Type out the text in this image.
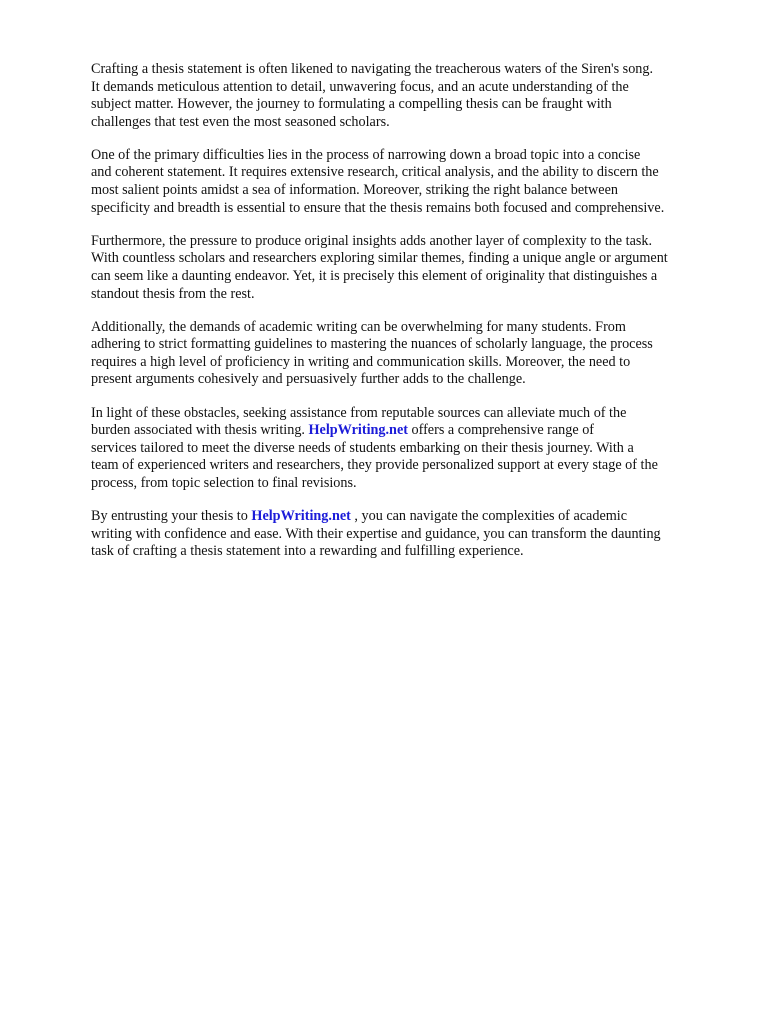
Crafting a thesis statement is often likened to navigating the treacherous waters of the Siren's song.
It demands meticulous attention to detail, unwavering focus, and an acute understanding of the
subject matter. However, the journey to formulating a compelling thesis can be fraught with
challenges that test even the most seasoned scholars.

One of the primary difficulties lies in the process of narrowing down a broad topic into a concise
and coherent statement. It requires extensive research, critical analysis, and the ability to discern the
most salient points amidst a sea of information. Moreover, striking the right balance between
specificity and breadth is essential to ensure that the thesis remains both focused and comprehensive.

Furthermore, the pressure to produce original insights adds another layer of complexity to the task.
With countless scholars and researchers exploring similar themes, finding a unique angle or argument
can seem like a daunting endeavor. Yet, it is precisely this element of originality that distinguishes a
standout thesis from the rest.

Additionally, the demands of academic writing can be overwhelming for many students. From
adhering to strict formatting guidelines to mastering the nuances of scholarly language, the process
requires a high level of proficiency in writing and communication skills. Moreover, the need to
present arguments cohesively and persuasively further adds to the challenge.

In light of these obstacles, seeking assistance from reputable sources can alleviate much of the
burden associated with thesis writing. HelpWriting.net offers a comprehensive range of
services tailored to meet the diverse needs of students embarking on their thesis journey. With a
team of experienced writers and researchers, they provide personalized support at every stage of the
process, from topic selection to final revisions.

By entrusting your thesis to HelpWriting.net , you can navigate the complexities of academic
writing with confidence and ease. With their expertise and guidance, you can transform the daunting
task of crafting a thesis statement into a rewarding and fulfilling experience.
